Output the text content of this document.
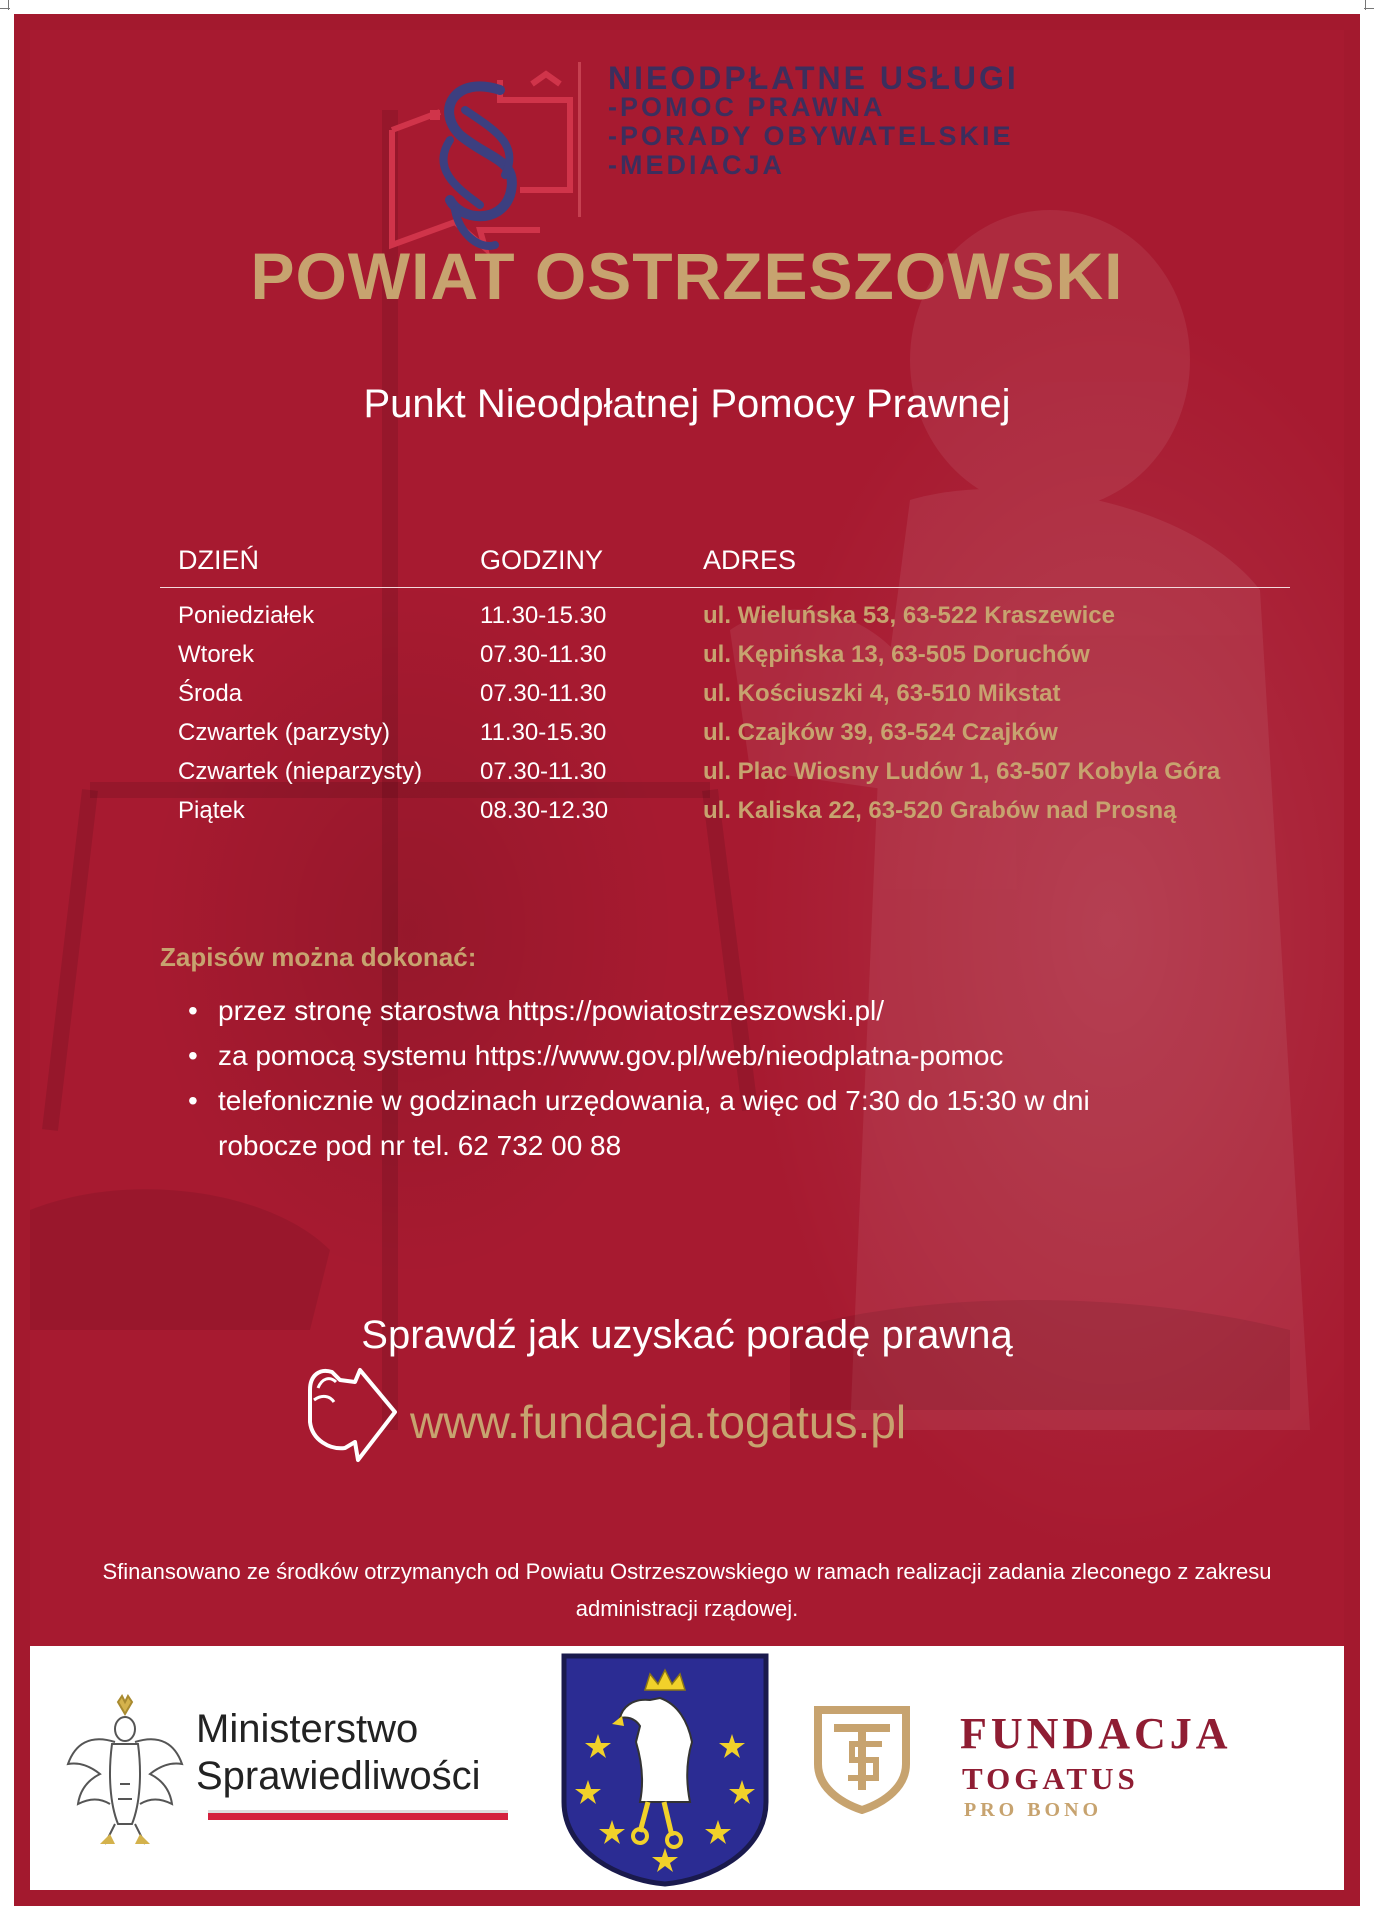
NIEODPŁATNE USŁUGI
-POMOC PRAWNA
-PORADY OBYWATELSKIE
-MEDIACJA
POWIAT OSTRZESZOWSKI
Punkt Nieodpłatnej Pomocy Prawnej
DZIEŃ	GODZINY	ADRES
Poniedziałek	11.30-15.30	ul. Wieluńska 53, 63-522 Kraszewice
Wtorek	07.30-11.30	ul. Kępińska 13, 63-505 Doruchów
Środa	07.30-11.30	ul. Kościuszki 4, 63-510 Mikstat
Czwartek (parzysty)	11.30-15.30	ul. Czajków 39, 63-524 Czajków
Czwartek (nieparzysty) 07.30-11.30	ul. Plac Wiosny Ludów 1, 63-507 Kobyla Góra
Piątek	08.30-12.30	ul. Kaliska 22, 63-520 Grabów nad Prosną
Zapisów można dokonać:
• przez stronę starostwa https://powiatostrzeszowski.pl/
• za pomocą systemu https://www.gov.pl/web/nieodplatna-pomoc
• telefonicznie w godzinach urzędowania, a więc od 7:30 do 15:30 w dni robocze pod nr tel. 62 732 00 88
Sprawdź jak uzyskać poradę prawną
www.fundacja.togatus.pl
Sfinansowano ze środków otrzymanych od Powiatu Ostrzeszowskiego w ramach realizacji zadania zleconego z zakresu administracji rządowej.
Ministerstwo
Sprawiedliwości
FUNDACJA
TOGATUS
PRO BONO
